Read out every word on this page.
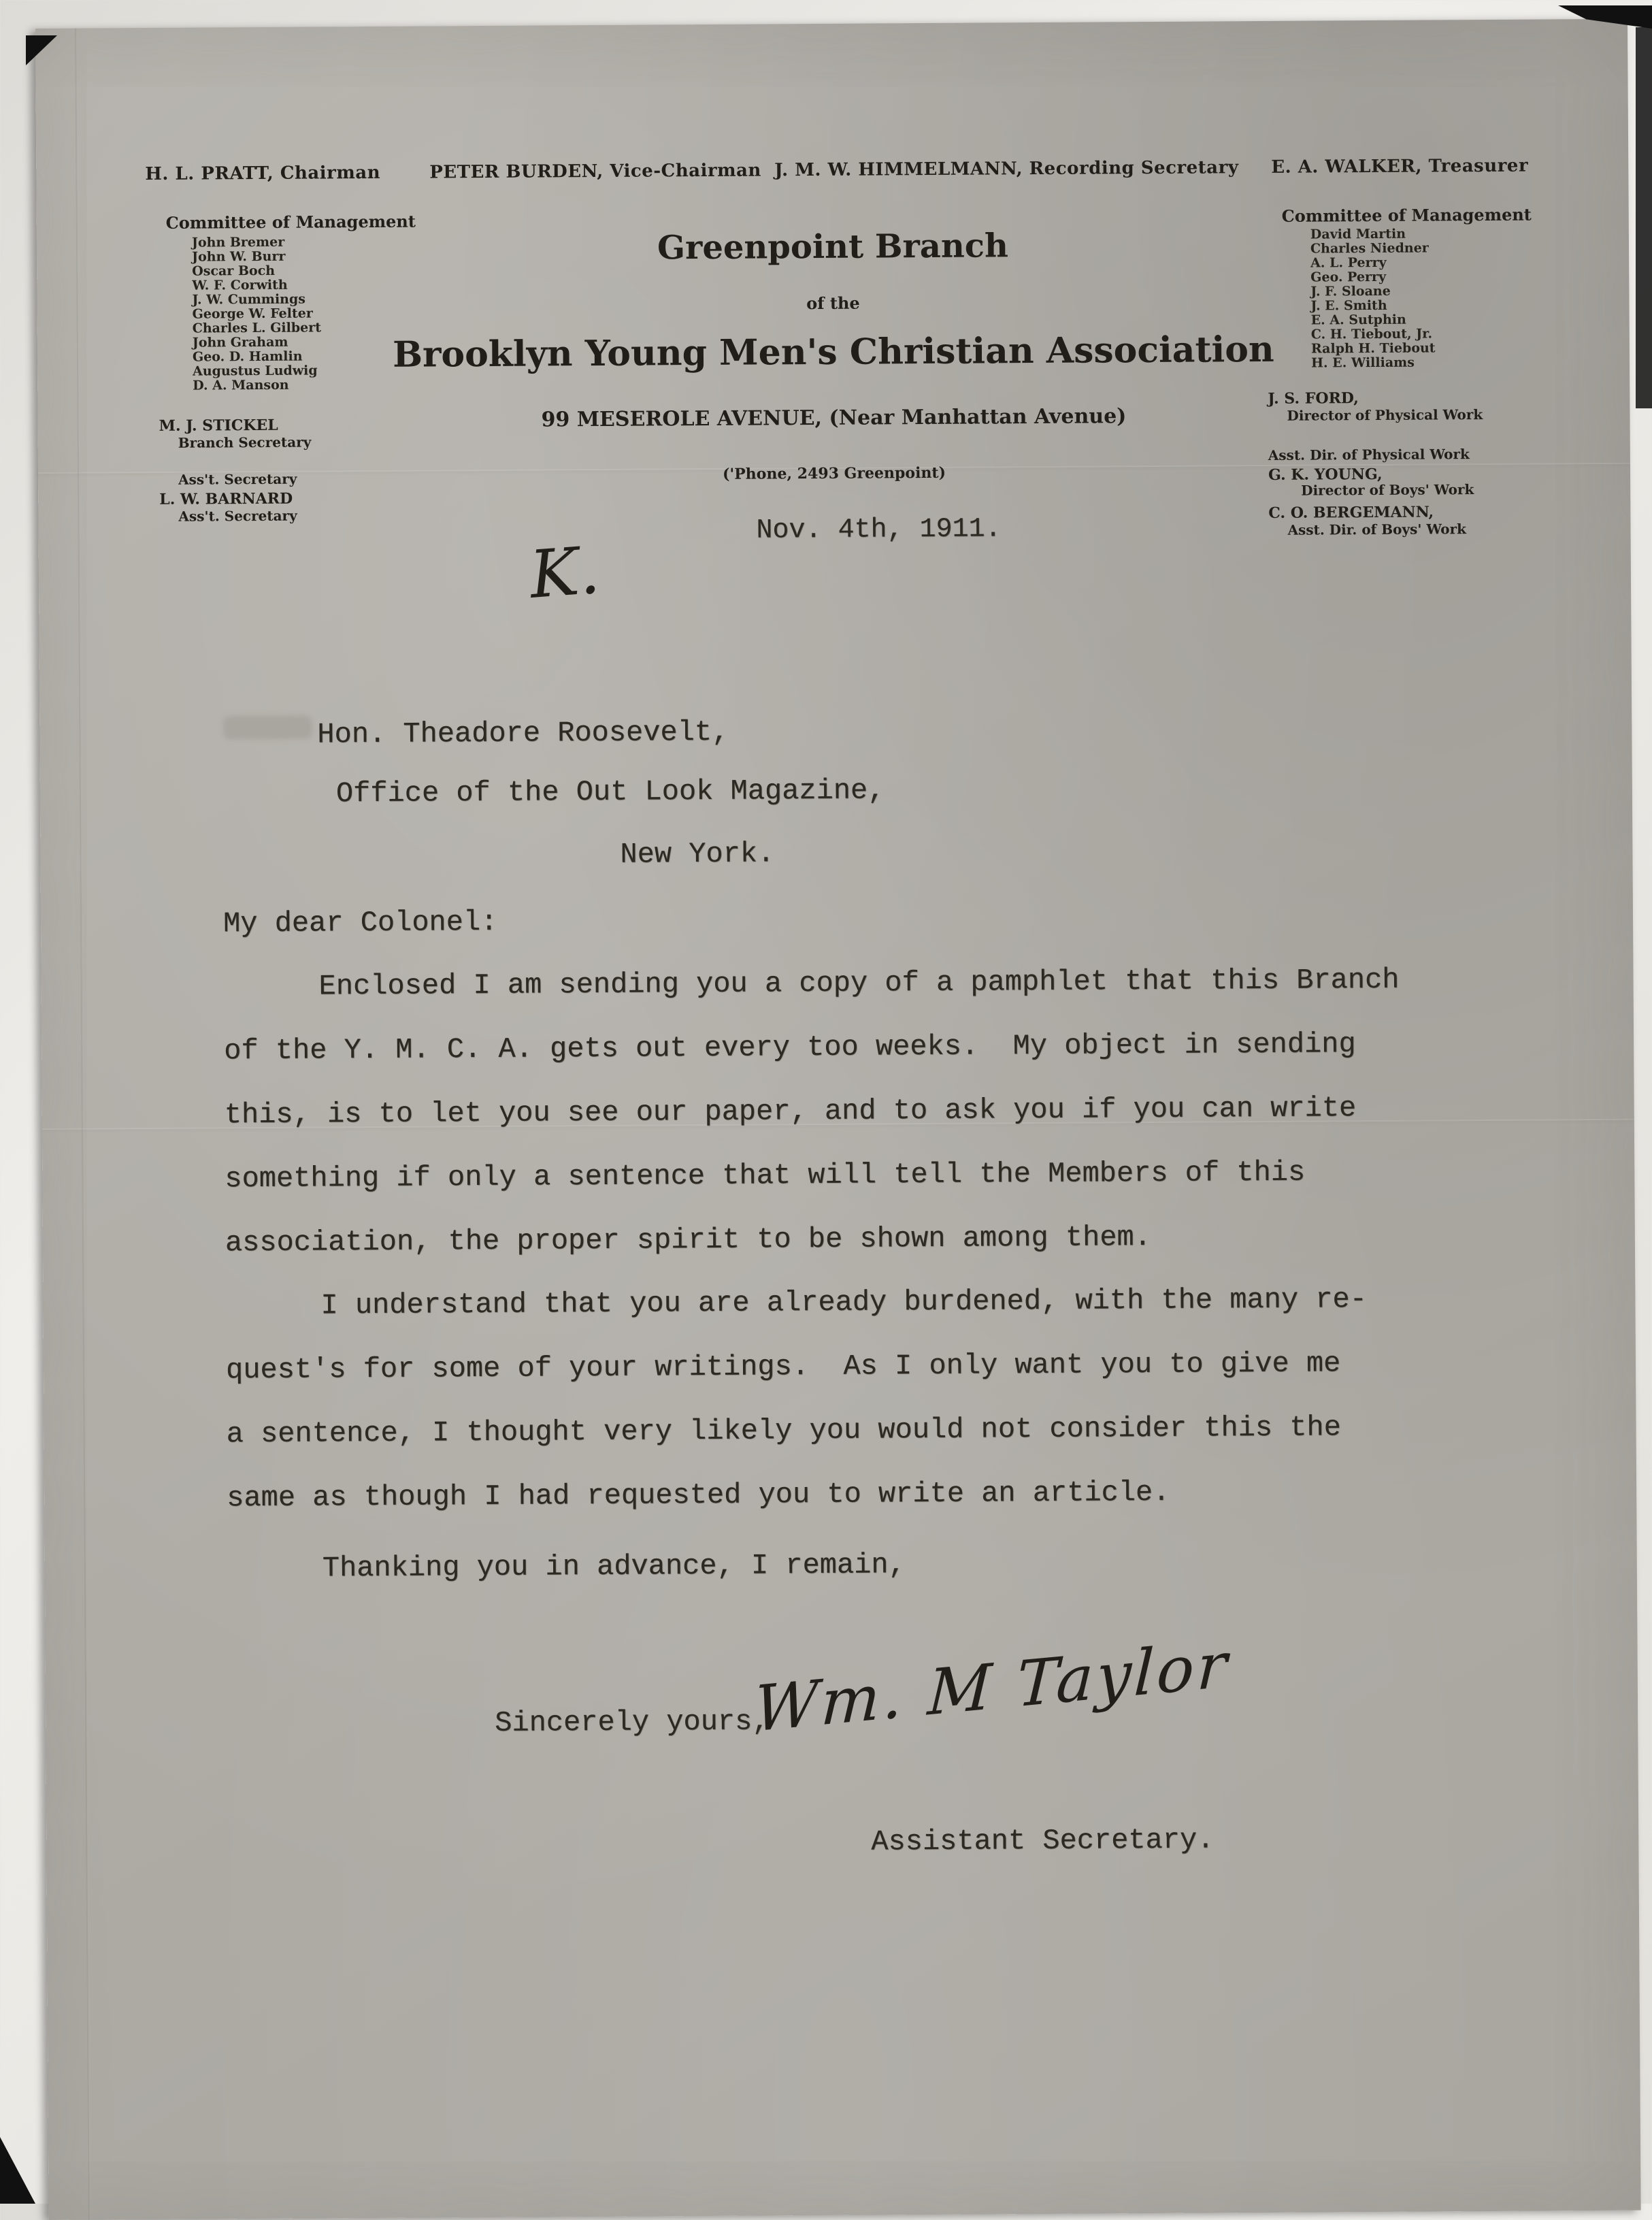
H. L. PRATT, Chairman	PETER BURDEN, Vice-Chairman J. M. W. HIMMELMANN, Recording Secretary E. A. WALKER, Treasurer
Committee of Management
John Bremer
John W. Burr
Oscar Boch
W. F. Corwith
J. W. Cummings
George W. Felter
Charles L. Gilbert
John Graham
Geo. D. Hamlin
Augustus Ludwig
D. A. Manson
M. J. STICKEL
Branch Secretary
Ass't. Secretary
L. W. BARNARD
Ass't. Secretary
Greenpoint Branch
of the
Brooklyn Young Men's Christian Association
99 MESEROLE AVENUE, (Near Manhattan Avenue)
('Phone, 2493 Greenpoint)
Nov. 4th, 1911.
K.
Committee of Management
David Martin
Charles Niedner
A. L. Perry
Geo. Perry
J. F. Sloane
J. E. Smith
E. A. Sutphin
C. H. Tiebout, Jr.
Ralph H. Tiebout
H. E. Williams
J. S. FORD,
Director of Physical Work
Asst. Dir. of Physical Work
G. K. YOUNG,
Director of Boys' Work
C. O. BERGEMANN,
Asst. Dir. of Boys' Work
Hon. Theadore Roosevelt,
Office of the Out Look Magazine,
New York.
My dear Colonel:
Enclosed I am sending you a copy of a pamphlet that this Branch
of the Y. M. C. A. gets out every too weeks.  My object in sending
this, is to let you see our paper, and to ask you if you can write
something if only a sentence that will tell the Members of this
association, the proper spirit to be shown among them.
I understand that you are already burdened, with the many re-
quest's for some of your writings.  As I only want you to give me
a sentence, I thought very likely you would not consider this the
same as though I had requested you to write an article.
Thanking you in advance, I remain,
Sincerely yours,
Wm. M Taylor
Assistant Secretary.
